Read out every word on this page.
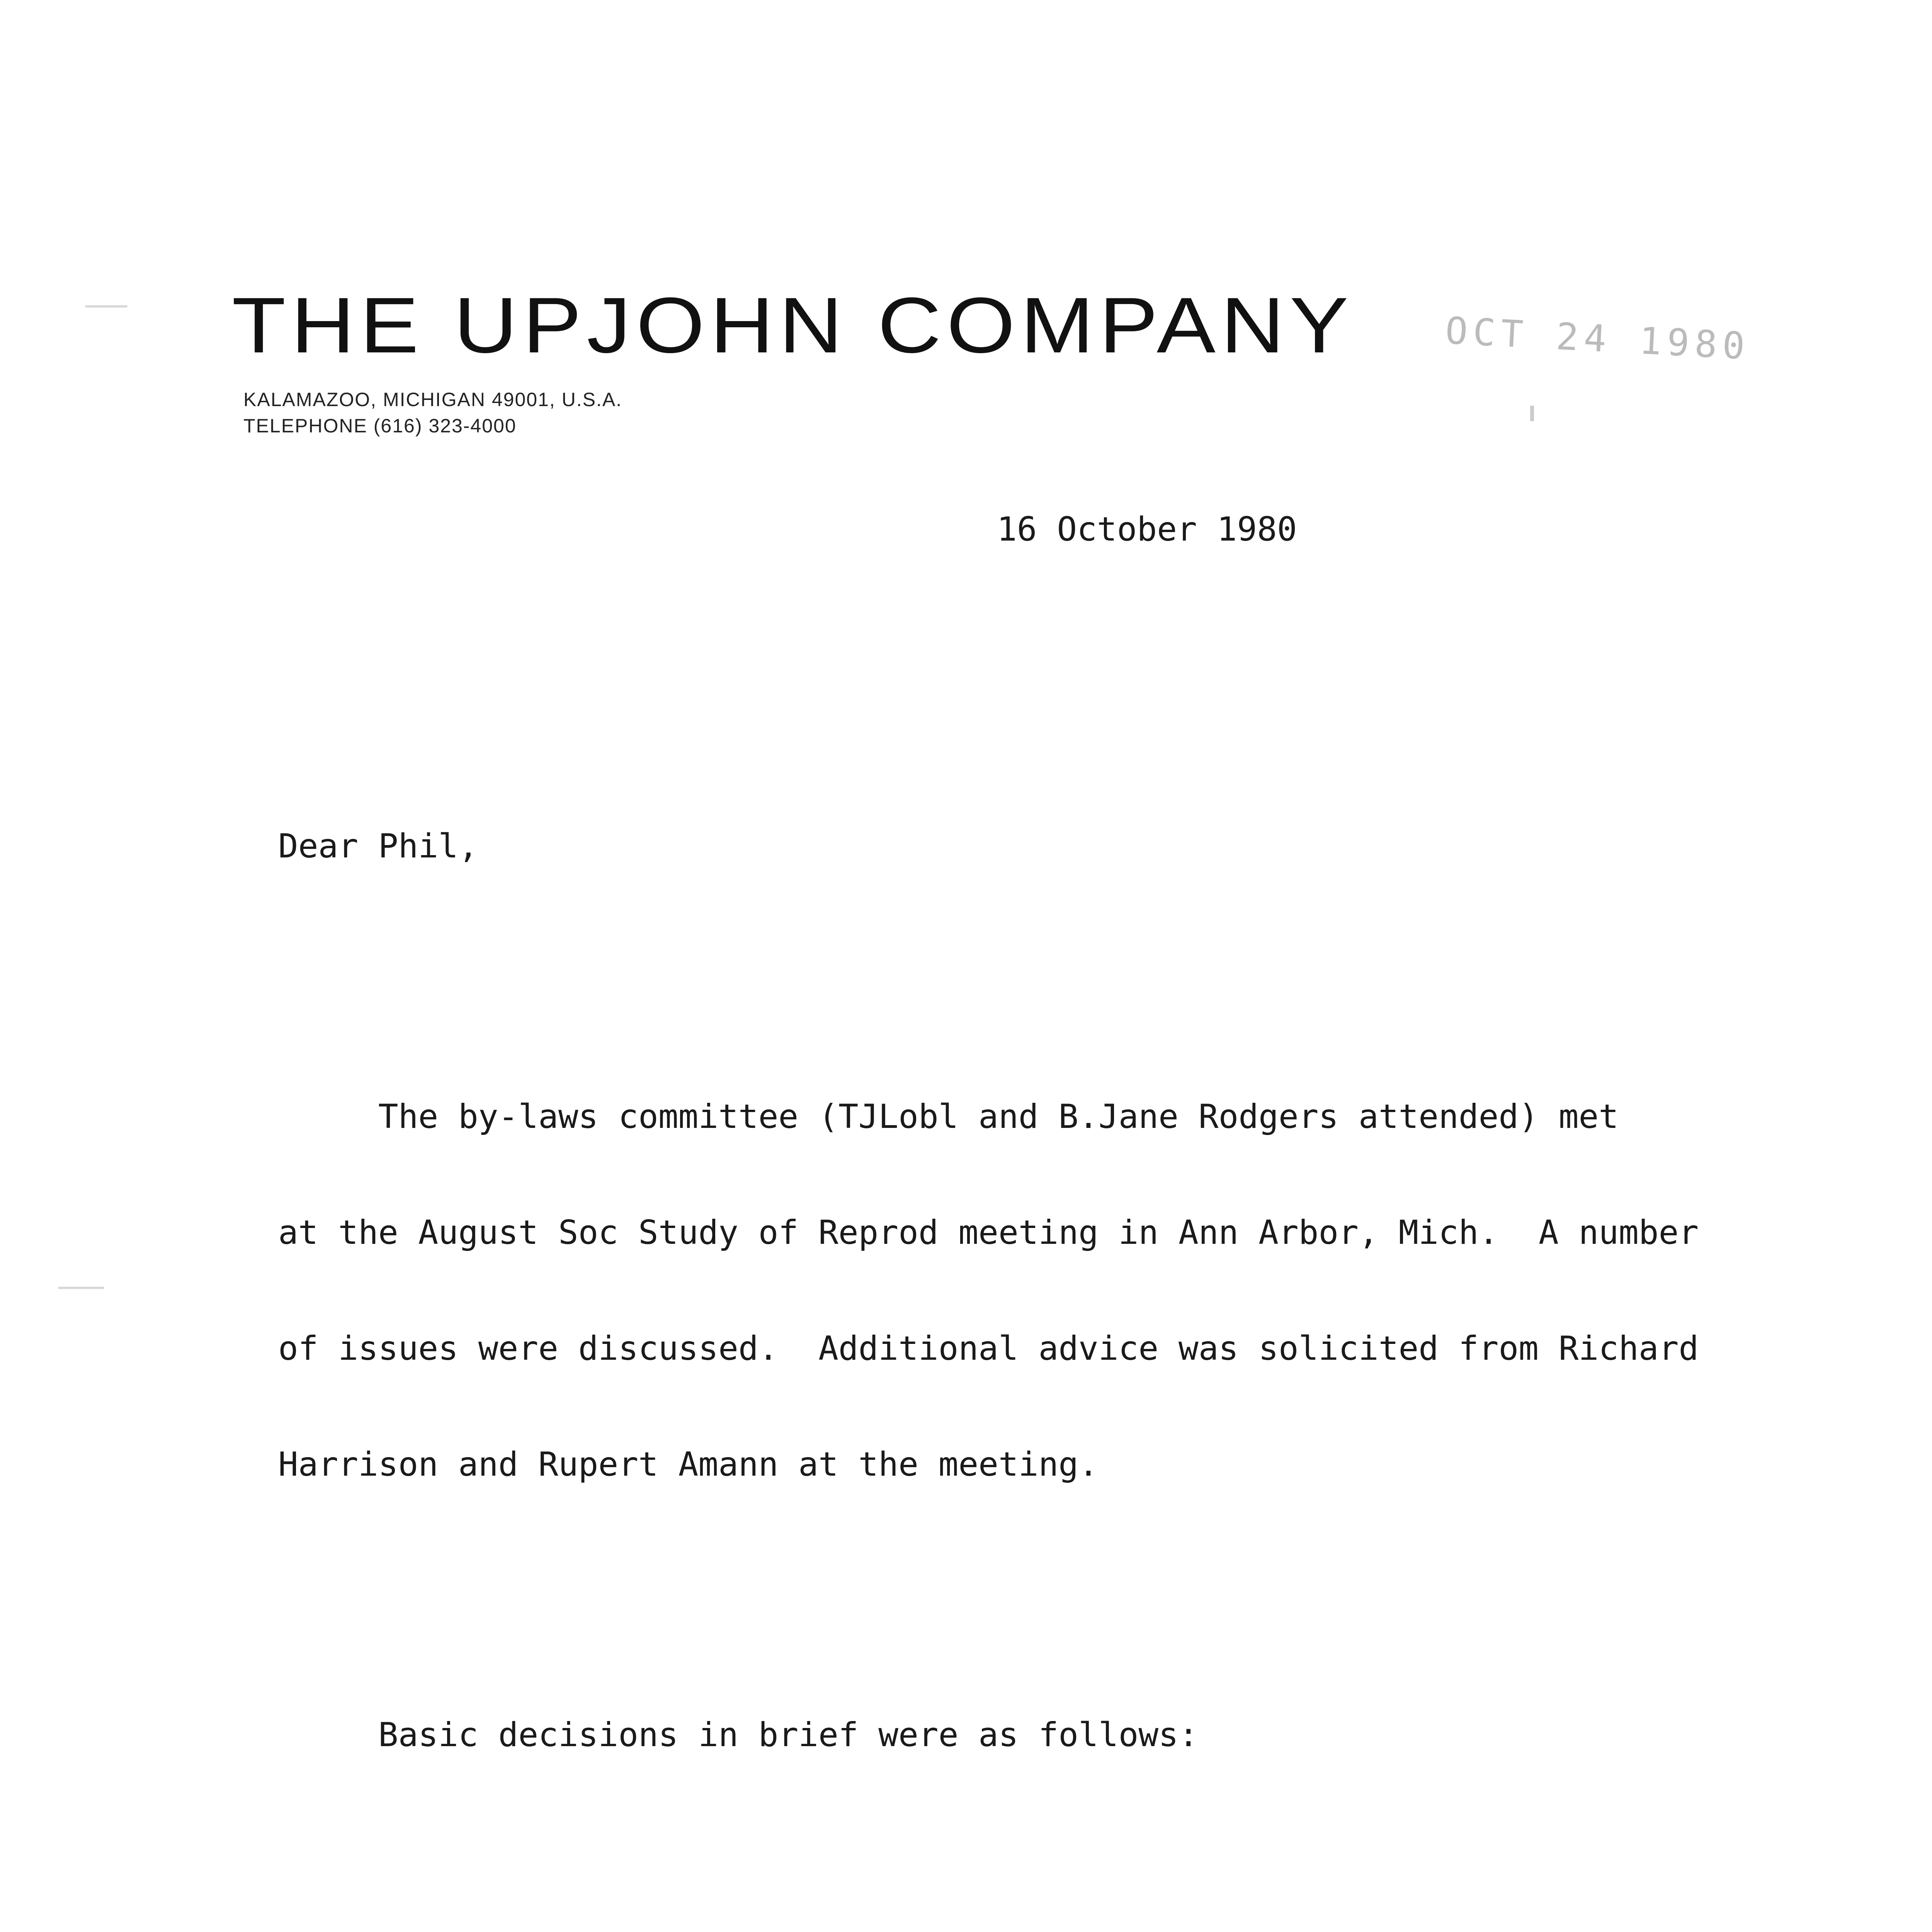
THE UPJOHN COMPANY
KALAMAZOO, MICHIGAN 49001, U.S.A.
TELEPHONE (616) 323-4000
OCT 24 1980
16 October 1980

Dear Phil,

The by-laws committee (TJLobl and B.Jane Rodgers attended) met

at the August Soc Study of Reprod meeting in Ann Arbor, Mich.  A number

of issues were discussed.  Additional advice was solicited from Richard

Harrison and Rupert Amann at the meeting.

Basic decisions in brief were as follows:
